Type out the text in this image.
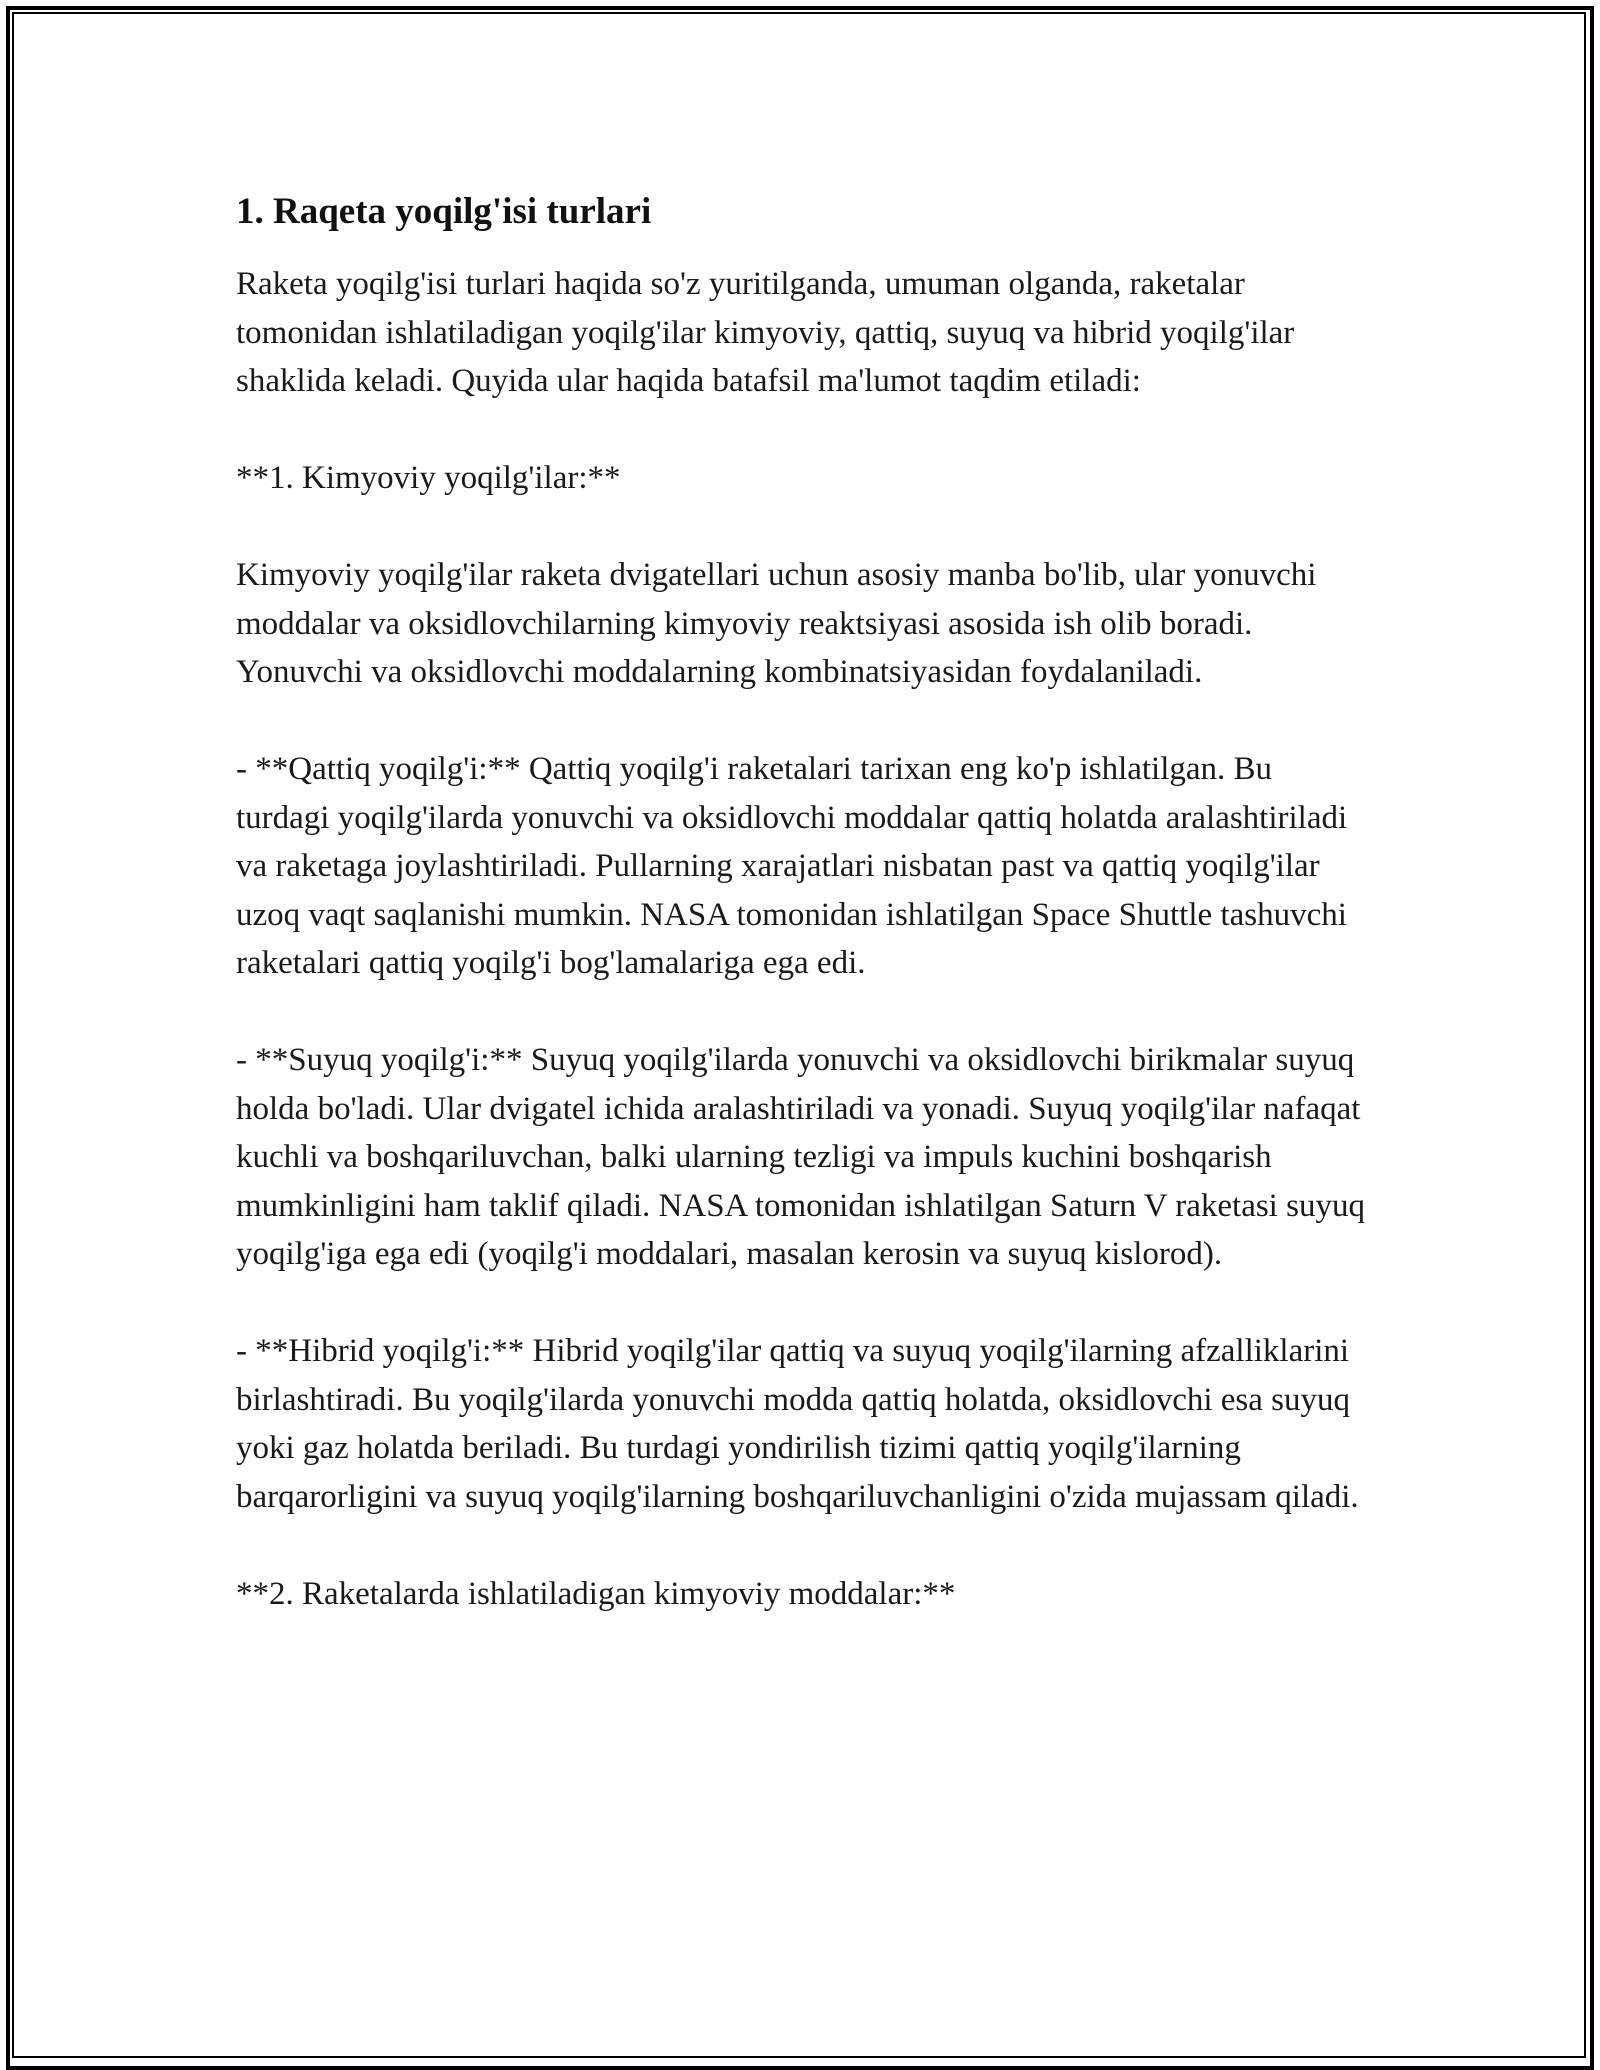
1. Raqeta yoqilg'isi turlari

Raketa yoqilg'isi turlari haqida so'z yuritilganda, umuman olganda, raketalar tomonidan ishlatiladigan yoqilg'ilar kimyoviy, qattiq, suyuq va hibrid yoqilg'ilar shaklida keladi. Quyida ular haqida batafsil ma'lumot taqdim etiladi:

**1. Kimyoviy yoqilg'ilar:**

Kimyoviy yoqilg'ilar raketa dvigatellari uchun asosiy manba bo'lib, ular yonuvchi moddalar va oksidlovchilarning kimyoviy reaktsiyasi asosida ish olib boradi. Yonuvchi va oksidlovchi moddalarning kombinatsiyasidan foydalaniladi.

- **Qattiq yoqilg'i:** Qattiq yoqilg'i raketalari tarixan eng ko'p ishlatilgan. Bu turdagi yoqilg'ilarda yonuvchi va oksidlovchi moddalar qattiq holatda aralashtiriladi va raketaga joylashtiriladi. Pullarning xarajatlari nisbatan past va qattiq yoqilg'ilar uzoq vaqt saqlanishi mumkin. NASA tomonidan ishlatilgan Space Shuttle tashuvchi raketalari qattiq yoqilg'i bog'lamalariga ega edi.

- **Suyuq yoqilg'i:** Suyuq yoqilg'ilarda yonuvchi va oksidlovchi birikmalar suyuq holda bo'ladi. Ular dvigatel ichida aralashtiriladi va yonadi. Suyuq yoqilg'ilar nafaqat kuchli va boshqariluvchan, balki ularning tezligi va impuls kuchini boshqarish mumkinligini ham taklif qiladi. NASA tomonidan ishlatilgan Saturn V raketasi suyuq yoqilg'iga ega edi (yoqilg'i moddalari, masalan kerosin va suyuq kislorod).

- **Hibrid yoqilg'i:** Hibrid yoqilg'ilar qattiq va suyuq yoqilg'ilarning afzalliklarini birlashtiradi. Bu yoqilg'ilarda yonuvchi modda qattiq holatda, oksidlovchi esa suyuq yoki gaz holatda beriladi. Bu turdagi yondirilish tizimi qattiq yoqilg'ilarning barqarorligini va suyuq yoqilg'ilarning boshqariluvchanligini o'zida mujassam qiladi.

**2. Raketalarda ishlatiladigan kimyoviy moddalar:**
